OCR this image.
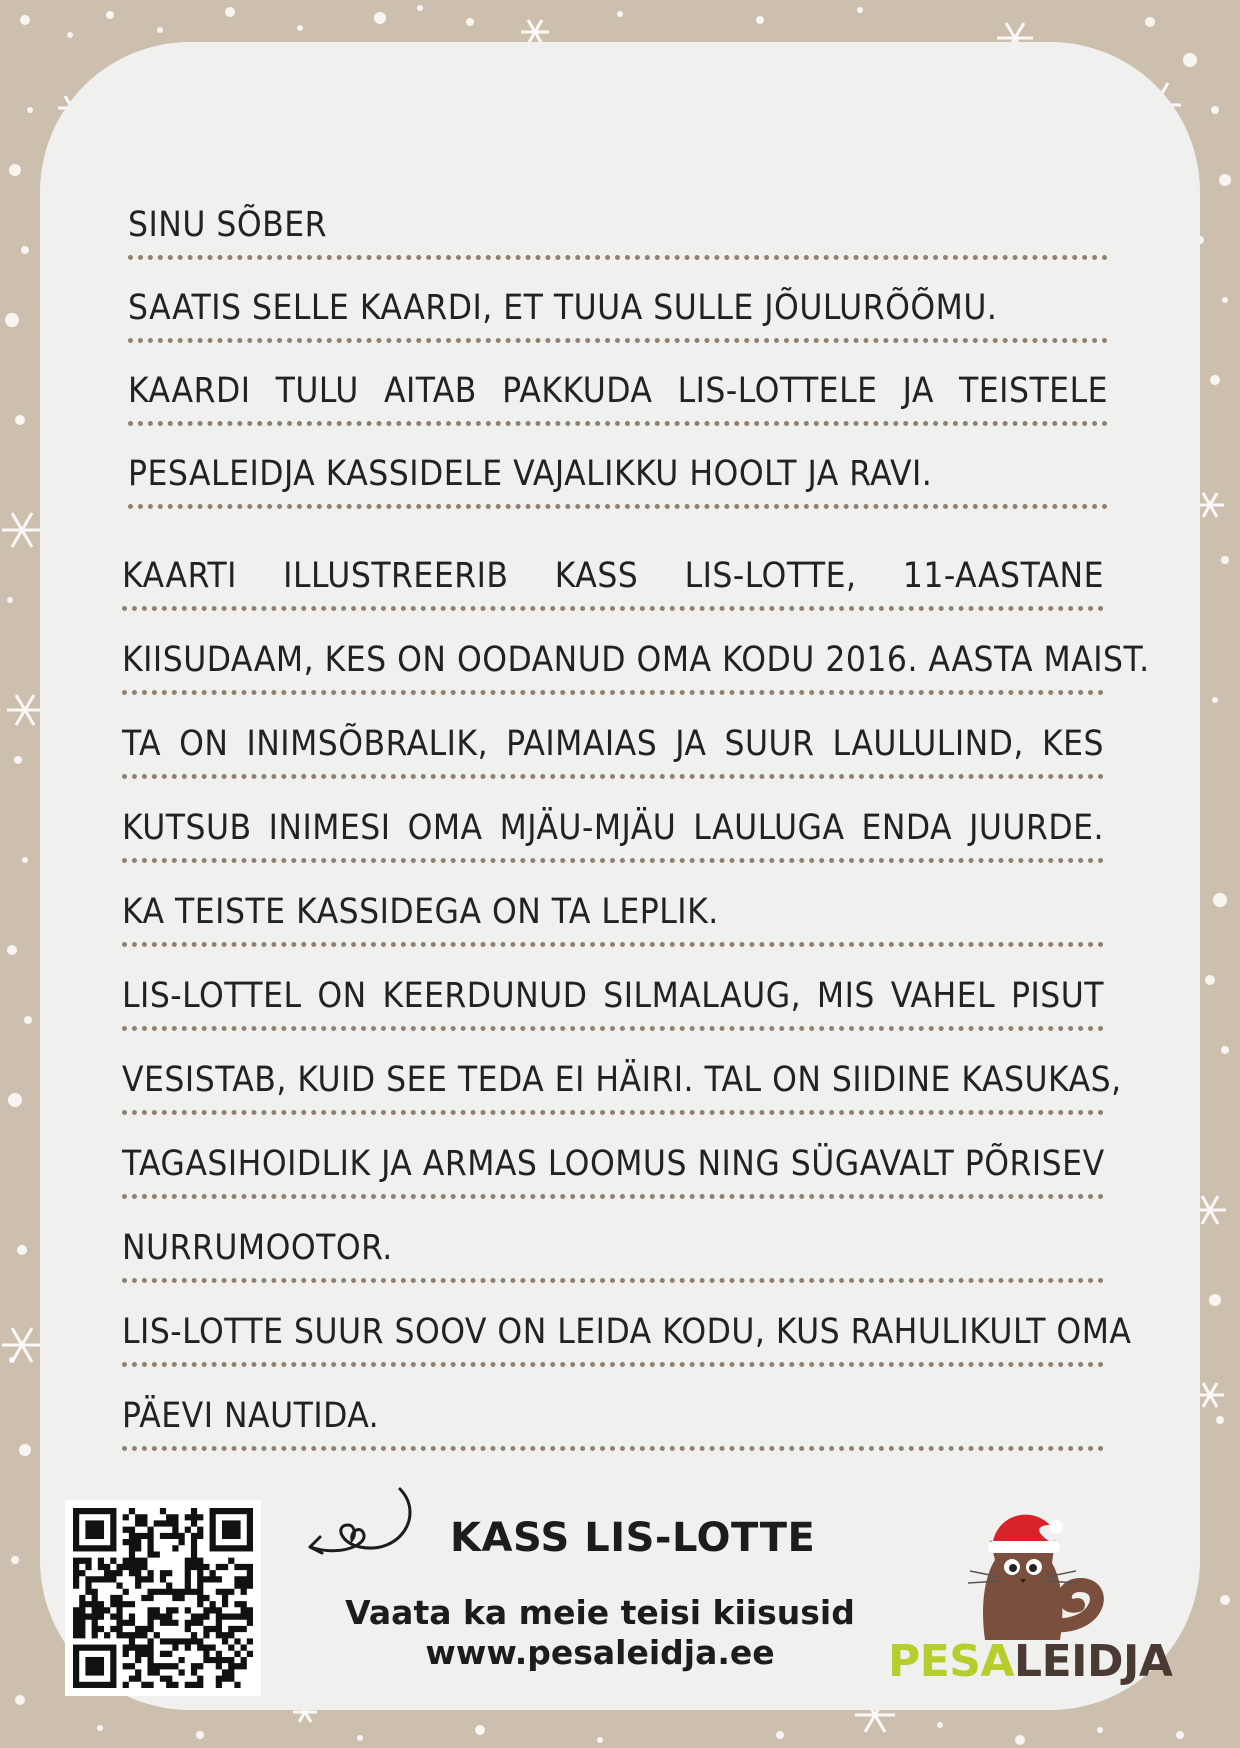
SINU SÕBER
SAATIS SELLE KAARDI, ET TUUA SULLE JÕULURÕÕMU.
KAARDI TULU AITAB PAKKUDA LIS-LOTTELE JA TEISTELE
PESALEIDJA KASSIDELE VAJALIKKU HOOLT JA RAVI.
KAARTI ILLUSTREERIB KASS LIS-LOTTE, 11-AASTANE
KIISUDAAM, KES ON OODANUD OMA KODU 2016. AASTA MAIST.
TA ON INIMSÕBRALIK, PAIMAIAS JA SUUR LAULULIND, KES
KUTSUB INIMESI OMA MJÄU-MJÄU LAULUGA ENDA JUURDE.
KA TEISTE KASSIDEGA ON TA LEPLIK.
LIS-LOTTEL ON KEERDUNUD SILMALAUG, MIS VAHEL PISUT
VESISTAB, KUID SEE TEDA EI HÄIRI. TAL ON SIIDINE KASUKAS,
TAGASIHOIDLIK JA ARMAS LOOMUS NING SÜGAVALT PÕRISEV
NURRUMOOTOR.
LIS-LOTTE SUUR SOOV ON LEIDA KODU, KUS RAHULIKULT OMA
PÄEVI NAUTIDA.
KASS LIS-LOTTE
Vaata ka meie teisi kiisusid
www.pesaleidja.ee	PESALEIDJA
